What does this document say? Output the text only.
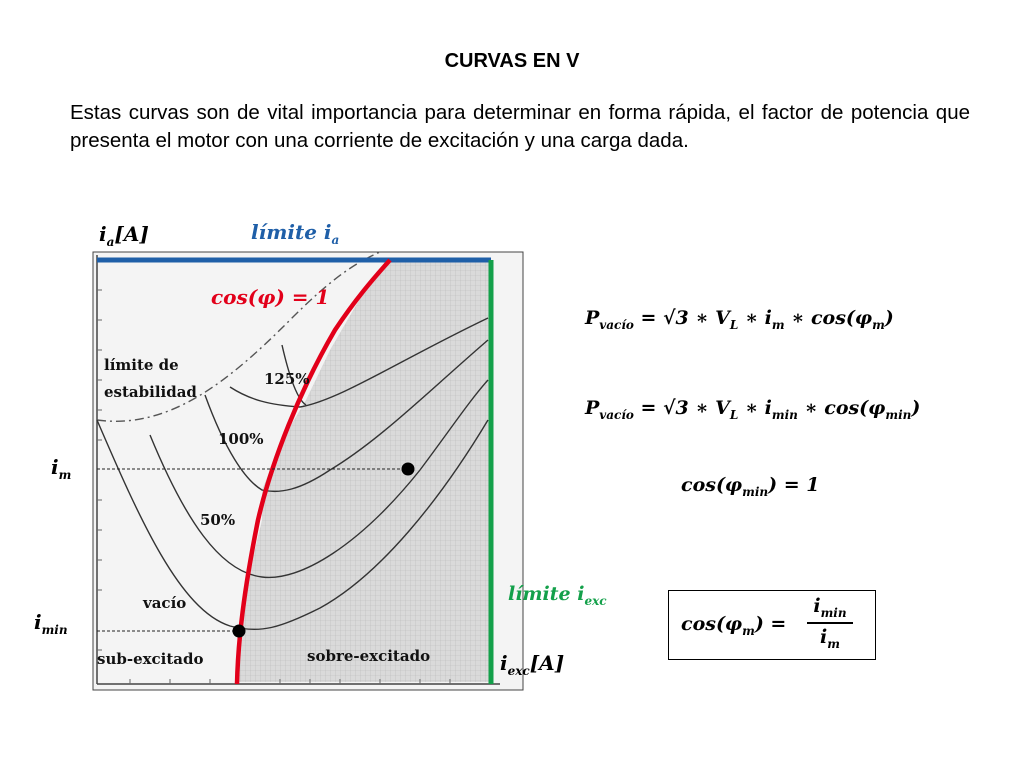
CURVAS EN V
Estas curvas son de vital importancia para determinar en forma rápida, el factor de potencia que presenta el motor con una corriente de excitación y una carga dada.
límite de
estabilidad
125%
100%
50%
vacío
sub-excitado	sobre-excitado
$i_a[A]$	límite $i_a$
cos(φ) = 1
$i_m$
$i_{min}$
límite $i_{exc}$
$i_{exc}[A]$
$P_{vacío} = √3$ ∗ $V_L$ ∗ $i_m$ ∗ $\cos(\varphi_m)$
$P_{vacío} = √3$ ∗ $V_L$ ∗ $i_{min}$ ∗ $\cos(\varphi_{min})$
$\cos(\varphi_{min}) = 1$
$\cos(\varphi_m)$ =
$i_{min}$
$i_m$
